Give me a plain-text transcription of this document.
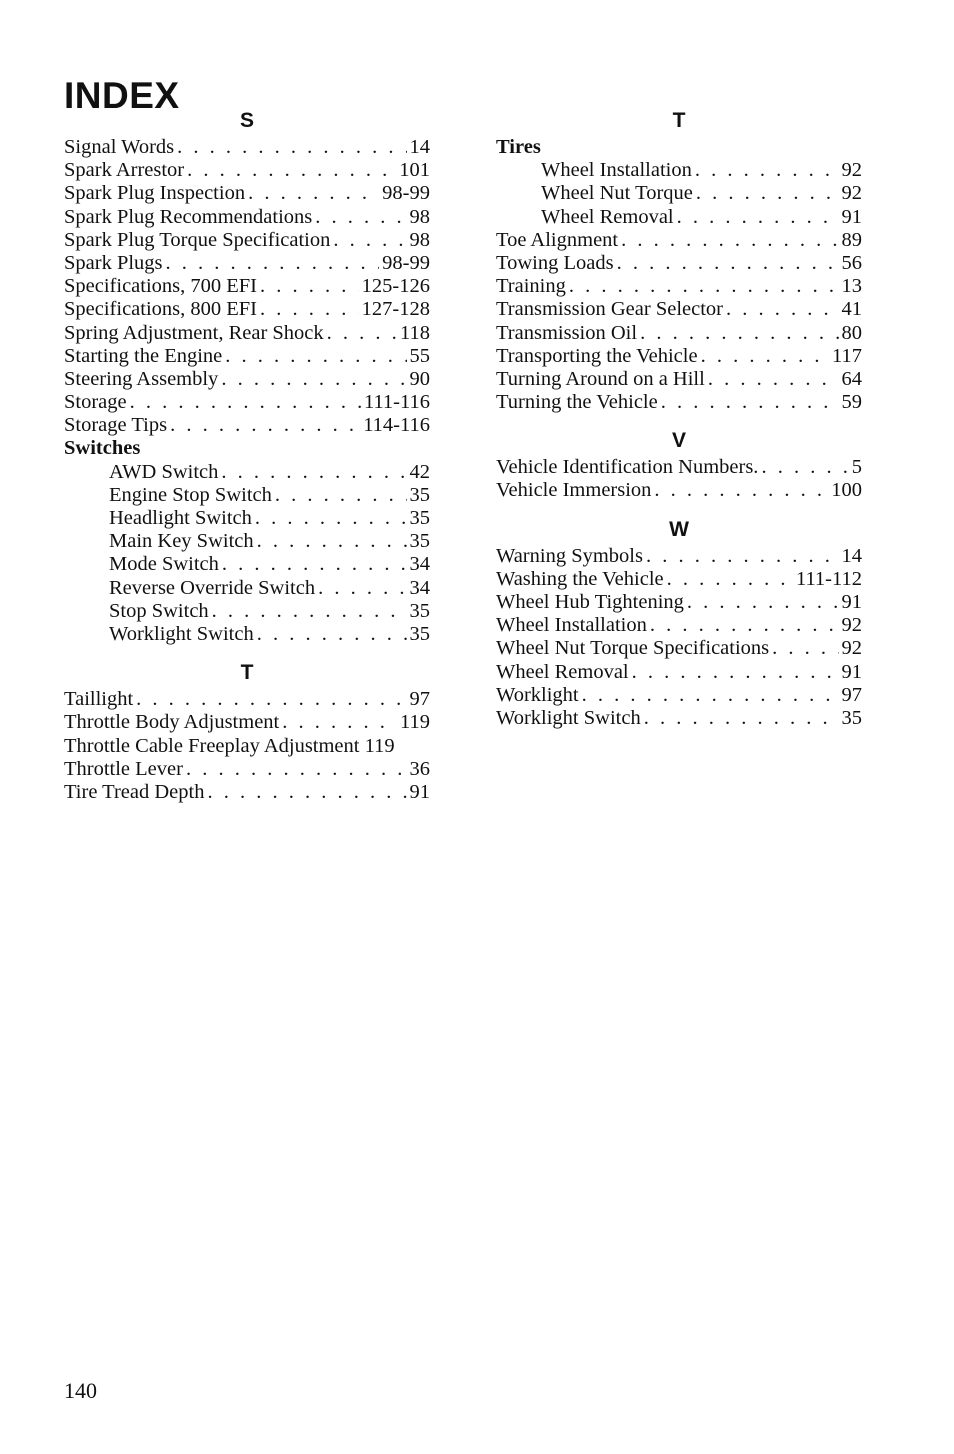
INDEX
S
Signal Words . . .	14
Spark Arrestor . . .	101
Spark Plug Inspection . . .	98-99
Spark Plug Recommendations . . .	98
Spark Plug Torque Specification . . .	98
Spark Plugs . . .	98-99
Specifications, 700 EFI . . .	125-126
Specifications, 800 EFI . . .	127-128
Spring Adjustment, Rear Shock . . .	118
Starting the Engine . . .	55
Steering Assembly . . .	90
Storage . . .	111-116
Storage Tips . . .	114-116
Switches
AWD Switch . . .	42
Engine Stop Switch . . .	35
Headlight Switch . . .	35
Main Key Switch . . .	35
Mode Switch . . .	34
Reverse Override Switch . . .	34
Stop Switch . . .	35
Worklight Switch . . .	35
T
Taillight . . .	97
Throttle Body Adjustment . . .	119
Throttle Cable Freeplay Adjustment 119
Throttle Lever . . .	36
Tire Tread Depth . . .	91
T
Tires
Wheel Installation . . .	92
Wheel Nut Torque . . .	92
Wheel Removal . . .	91
Toe Alignment . . .	89
Towing Loads . . .	56
Training . . .	13
Transmission Gear Selector . . .	41
Transmission Oil . . .	80
Transporting the Vehicle . . .	117
Turning Around on a Hill . . .	64
Turning the Vehicle . . .	59
V
Vehicle Identification Numbers. . . .	5
Vehicle Immersion . . .	100
W
Warning Symbols . . .	14
Washing the Vehicle . . .	111-112
Wheel Hub Tightening . . .	91
Wheel Installation . . .	92
Wheel Nut Torque Specifications . . .	92
Wheel Removal . . .	91
Worklight . . .	97
Worklight Switch . . .	35
140
